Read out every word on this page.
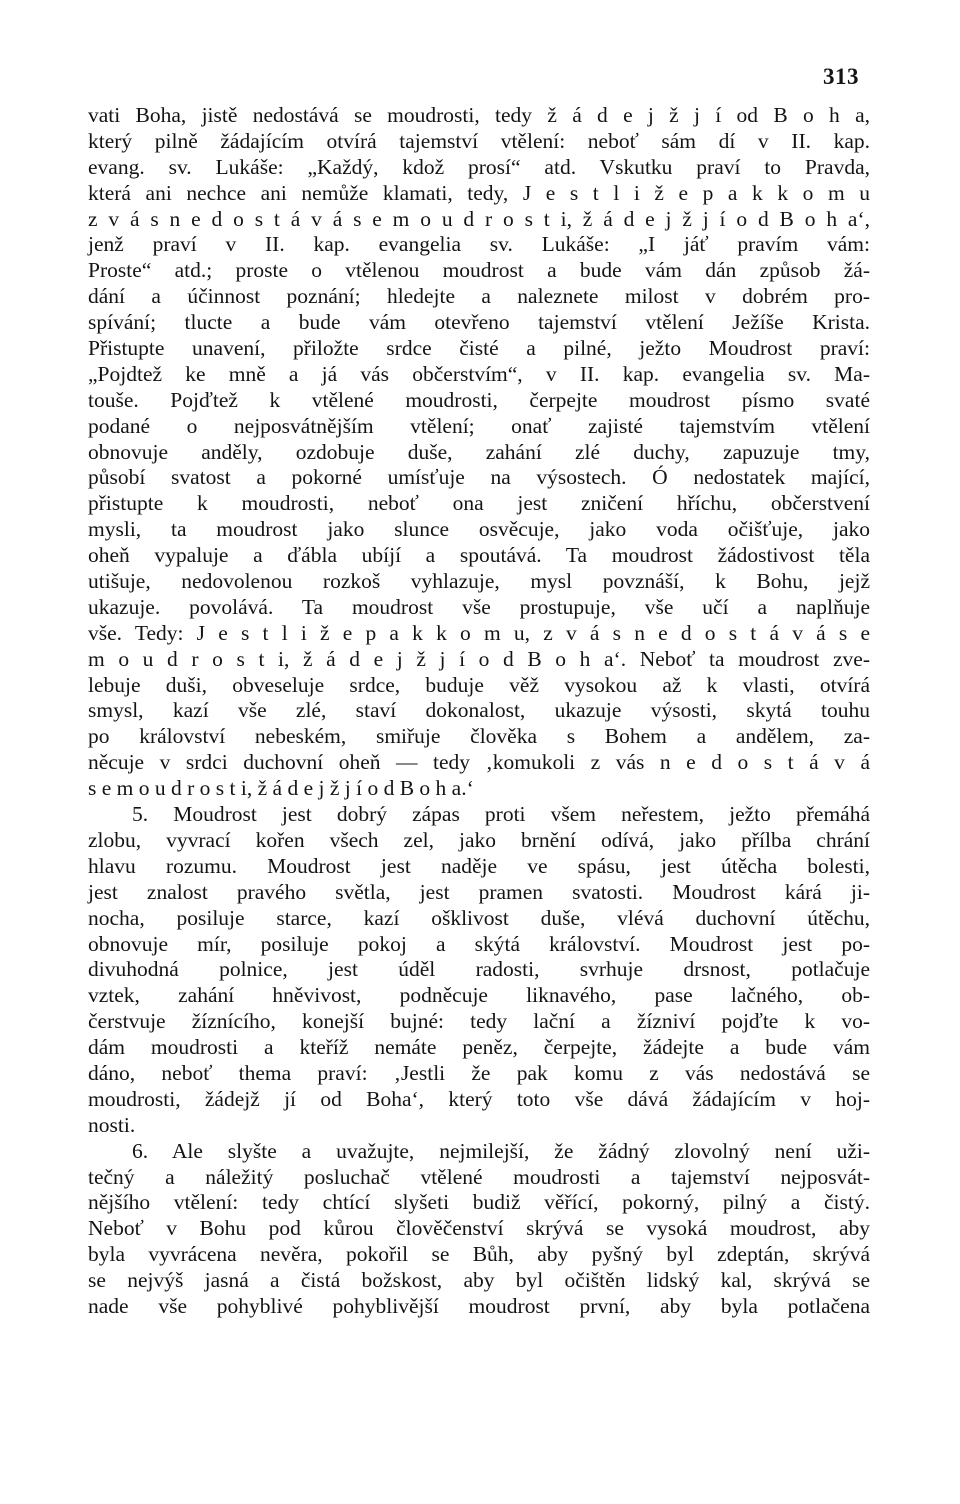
313
vati Boha, jistě nedostává se moudrosti, tedy ž á d e j ž j í od B o h a,
který pilně žádajícím otvírá tajemství vtělení: neboť sám dí v II. kap.
evang. sv. Lukáše: „Každý, kdož prosí“ atd. Vskutku praví to Pravda,
která ani nechce ani nemůže klamati, tedy, J e s t l i ž e p a k k o m u
z v á s n e d o s t á v á s e m o u d r o s t i, ž á d e j ž j í o d B o h a‘,
jenž praví v II. kap. evangelia sv. Lukáše: „I jáť pravím vám:
Proste“ atd.; proste o vtělenou moudrost a bude vám dán způsob žá-
dání a účinnost poznání; hledejte a naleznete milost v dobrém pro-
spívání; tlucte a bude vám otevřeno tajemství vtělení Ježíše Krista.
Přistupte unavení, přiložte srdce čisté a pilné, ježto Moudrost praví:
„Pojdtež ke mně a já vás občerstvím“, v II. kap. evangelia sv. Ma-
touše. Pojďtež k vtělené moudrosti, čerpejte moudrost písmo svaté
podané o nejposvátnějším vtělení; onať zajisté tajemstvím vtělení
obnovuje anděly, ozdobuje duše, zahání zlé duchy, zapuzuje tmy,
působí svatost a pokorné umísťuje na výsostech. Ó nedostatek mající,
přistupte k moudrosti, neboť ona jest zničení hříchu, občerstvení
mysli, ta moudrost jako slunce osvěcuje, jako voda očišťuje, jako
oheň vypaluje a ďábla ubíjí a spoutává. Ta moudrost žádostivost těla
utišuje, nedovolenou rozkoš vyhlazuje, mysl povznáší, k Bohu, jejž
ukazuje. povolává. Ta moudrost vše prostupuje, vše učí a naplňuje
vše. Tedy: J e s t l i ž e p a k k o m u, z v á s n e d o s t á v á s e
m o u d r o s t i, ž á d e j ž j í o d B o h a‘. Neboť ta moudrost zve-
lebuje duši, obveseluje srdce, buduje věž vysokou až k vlasti, otvírá
smysl, kazí vše zlé, staví dokonalost, ukazuje výsosti, skytá touhu
po království nebeském, smiřuje člověka s Bohem a andělem, za-
něcuje v srdci duchovní oheň — tedy ‚komukoli z vás n e d o s t á v á
s e m o u d r o s t i, ž á d e j ž j í o d B o h a.‘
5. Moudrost jest dobrý zápas proti všem neřestem, ježto přemáhá
zlobu, vyvrací kořen všech zel, jako brnění odívá, jako přílba chrání
hlavu rozumu. Moudrost jest naděje ve spásu, jest útěcha bolesti,
jest znalost pravého světla, jest pramen svatosti. Moudrost kárá ji-
nocha, posiluje starce, kazí ošklivost duše, vlévá duchovní útěchu,
obnovuje mír, posiluje pokoj a skýtá království. Moudrost jest po-
divuhodná polnice, jest úděl radosti, svrhuje drsnost, potlačuje
vztek, zahání hněvivost, podněcuje liknavého, pase lačného, ob-
čerstvuje žíznícího, konejší bujné: tedy lační a žízniví pojďte k vo-
dám moudrosti a kteříž nemáte peněz, čerpejte, žádejte a bude vám
dáno, neboť thema praví: ‚Jestli že pak komu z vás nedostává se
moudrosti, žádejž jí od Boha‘, který toto vše dává žádajícím v hoj-
nosti.
6. Ale slyšte a uvažujte, nejmilejší, že žádný zlovolný není uži-
tečný a náležitý posluchač vtělené moudrosti a tajemství nejposvát-
nějšího vtělení: tedy chtící slyšeti budiž věřící, pokorný, pilný a čistý.
Neboť v Bohu pod kůrou člověčenství skrývá se vysoká moudrost, aby
byla vyvrácena nevěra, pokořil se Bůh, aby pyšný byl zdeptán, skrývá
se nejvýš jasná a čistá božskost, aby byl očištěn lidský kal, skrývá se
nade vše pohyblivé pohyblivější moudrost první, aby byla potlačena
